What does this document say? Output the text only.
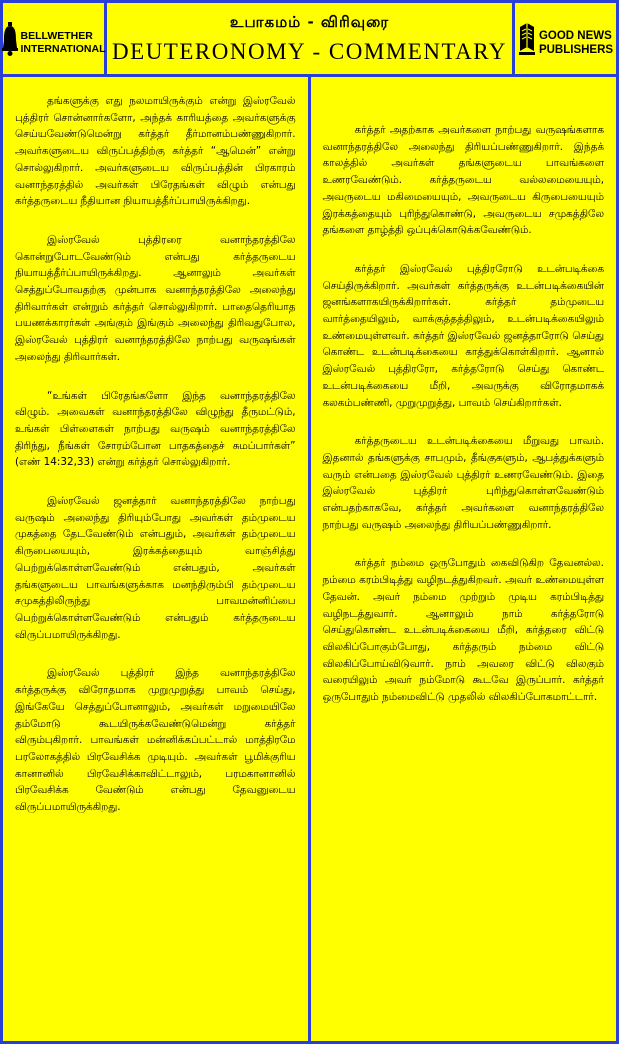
BELLWETHER
INTERNATIONAL
உபாகமம் - விரிவுரை
DEUTERONOMY - COMMENTARY
GOOD NEWS
PUBLISHERS

தங்களுக்கு எது நலமாயிருக்கும் என்று இஸ்ரவேல் புத்திரர் சொன்னார்களோ, அந்தக் காரியத்தை அவர்களுக்கு செய்யவேண்டுமென்று கர்த்தர் தீர்மானம்பண்ணுகிறார். அவர்களுடைய விருப்பத்திற்கு கர்த்தர் “ஆமென்” என்று சொல்லுகிறார். அவர்களுடைய விருப்பத்தின் பிரகாரம் வனாந்தரத்தில் அவர்கள் பிரேதங்கள் விழும் என்பது கர்த்தருடைய நீதியான நியாயத்தீர்ப்பாயிருக்கிறது.

இஸ்ரவேல் புத்திரரை வனாந்தரத்திலே கொன்றுபோடவேண்டும் என்பது கர்த்தருடைய நியாயத்தீர்ப்பாயிருக்கிறது. ஆனாலும் அவர்கள் செத்துப்போவதற்கு முன்பாக வனாந்தரத்திலே அலைந்து திரிவார்கள் என்றும் கர்த்தர் சொல்லுகிறார். பாதைதெரியாத பயணக்காரர்கள் அங்கும் இங்கும் அலைந்து திரிவதுபோல, இஸ்ரவேல் புத்திரர் வனாந்தரத்திலே நாற்பது வருஷங்கள் அலைந்து திரிவார்கள்.

“உங்கள் பிரேதங்களோ இந்த வனாந்தரத்திலே விழும். அவைகள் வனாந்தரத்திலே விழுந்து தீருமட்டும், உங்கள் பிள்ளைகள் நாற்பது வருஷம் வனாந்தரத்திலே திரிந்து, நீங்கள் சோரம்போன பாதகத்தைச் சுமப்பார்கள்” (எண் 14:32,33) என்று கர்த்தர் சொல்லுகிறார்.

இஸ்ரவேல் ஜனத்தார் வனாந்தரத்திலே நாற்பது வருஷம் அலைந்து திரியும்போது அவர்கள் தம்முடைய முகத்தை தேடவேண்டும் என்பதும், அவர்கள் தம்முடைய கிருபையையும், இரக்கத்தையும் வாஞ்சித்து பெற்றுக்கொள்ளவேண்டும் என்பதும், அவர்கள் தங்களுடைய பாவங்களுக்காக மனந்திரும்பி தம்முடைய சமுகத்திலிருந்து பாவமன்னிப்பை பெற்றுக்கொள்ளவேண்டும் என்பதும் கர்த்தருடைய விருப்பமாயிருக்கிறது.

இஸ்ரவேல் புத்திரர் இந்த வனாந்தரத்திலே கர்த்தருக்கு விரோதமாக முறுமுறுத்து பாவம் செய்து, இங்கேயே செத்துப்போனாலும், அவர்கள் மறுமையிலே தம்மோடு கூடயிருக்கவேண்டுமென்று கர்த்தர் விரும்புகிறார். பாவங்கள் மன்னிக்கப்பட்டால் மாத்திரமே பரலோகத்தில் பிரவேசிக்க முடியும். அவர்கள் பூமிக்குரிய கானானில் பிரவேசிக்காவிட்டாலும், பரமகானானில் பிரவேசிக்க வேண்டும் என்பது தேவனுடைய விருப்பமாயிருக்கிறது.

கர்த்தர் அதற்காக அவர்களை நாற்பது வருஷங்களாக வனாந்தரத்திலே அலைந்து திரியப்பண்ணுகிறார். இந்தக் காலத்தில் அவர்கள் தங்களுடைய பாவங்களை உணரவேண்டும். கர்த்தருடைய வல்லமையையும், அவருடைய மகிமையையும், அவருடைய கிருபையையும் இரக்கத்தையும் புரிந்துகொண்டு, அவருடைய சமுகத்திலே தங்களை தாழ்த்தி ஒப்புக்கொடுக்கவேண்டும்.

கர்த்தர் இஸ்ரவேல் புத்திரரோடு உடன்படிக்கை செய்திருக்கிறார். அவர்கள் கர்த்தருக்கு உடன்படிக்கையின் ஜனங்களாகயிருக்கிறார்கள். கர்த்தர் தம்முடைய வார்த்தையிலும், வாக்குத்தத்திலும், உடன்படிக்கையிலும் உண்மையுள்ளவர். கர்த்தர் இஸ்ரவேல் ஜனத்தாரோடு செய்து கொண்ட உடன்படிக்கையை காத்துக்கொள்கிறார். ஆனால் இஸ்ரவேல் புத்திரரோ, கர்த்தரோடு செய்து கொண்ட உடன்படிக்கையை மீறி, அவருக்கு விரோதமாகக் கலகம்பண்ணி, முறுமுறுத்து, பாவம் செய்கிறார்கள்.

கர்த்தருடைய உடன்படிக்கையை மீறுவது பாவம். இதனால் தங்களுக்கு சாபமும், தீங்குகளும், ஆபத்துக்களும் வரும் என்பதை இஸ்ரவேல் புத்திரர் உணரவேண்டும். இதை இஸ்ரவேல் புத்திரர் புரிந்துகொள்ளவேண்டும் என்பதற்காகவே, கர்த்தர் அவர்களை வனாந்தரத்திலே நாற்பது வருஷம் அலைந்து திரியப்பண்ணுகிறார்.

கர்த்தர் நம்மை ஒருபோதும் கைவிடுகிற தேவனல்ல. நம்மை கரம்பிடித்து வழிநடத்துகிறவர். அவர் உண்மையுள்ள தேவன். அவர் நம்மை முற்றும் முடிய கரம்பிடித்து வழிநடத்துவார். ஆனாலும் நாம் கர்த்தரோடு செய்துகொண்ட உடன்படிக்கையை மீறி, கர்த்தரை விட்டு விலகிப்போகும்போது, கர்த்தரும் நம்மை விட்டு விலகிப்போய்விடுவார். நாம் அவரை விட்டு விலகும் வரையிலும் அவர் நம்மோடு கூடவே இருப்பார். கர்த்தர் ஒருபோதும் நம்மைவிட்டு முதலில் விலகிப்போகமாட்டார்.
